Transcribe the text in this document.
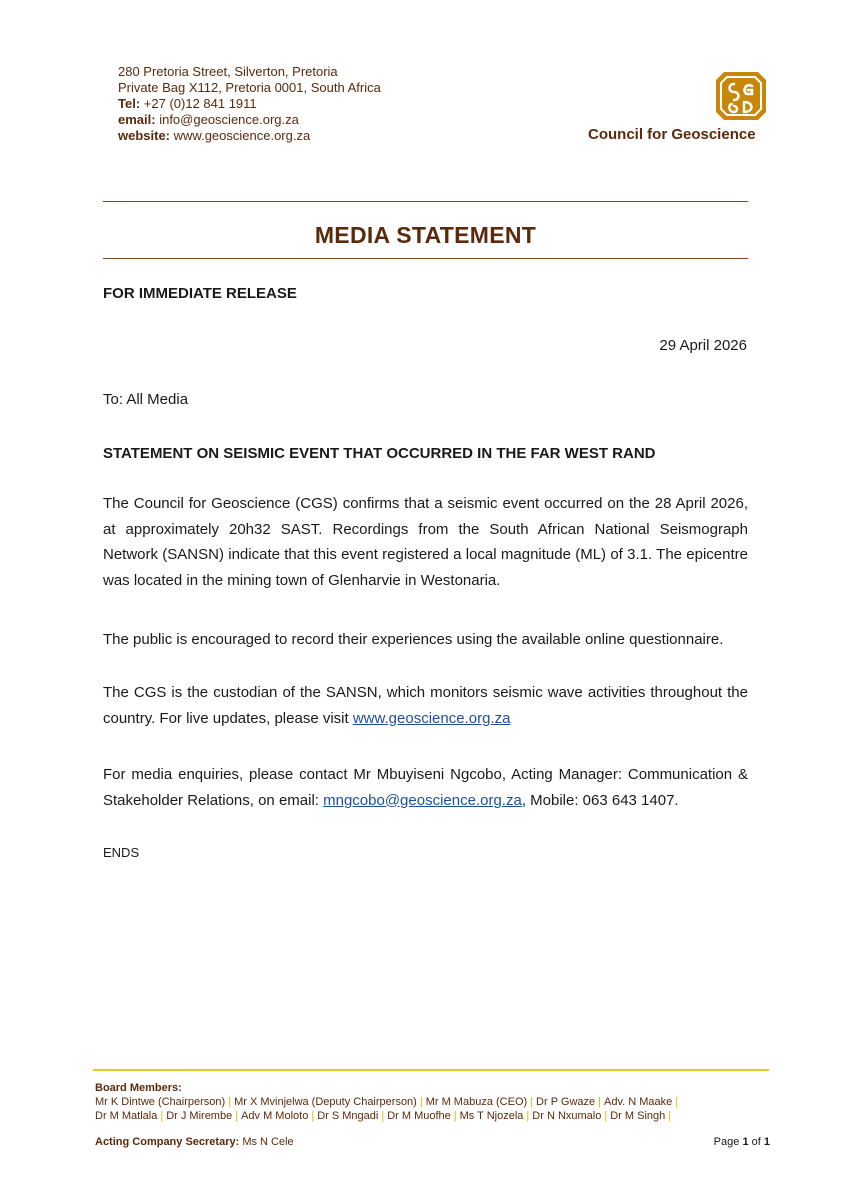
280 Pretoria Street, Silverton, Pretoria
Private Bag X112, Pretoria 0001, South Africa
Tel: +27 (0)12 841 1911
email: info@geoscience.org.za
website: www.geoscience.org.za	Council for Geoscience
MEDIA STATEMENT
FOR IMMEDIATE RELEASE
29 April 2026
To: All Media
STATEMENT ON SEISMIC EVENT THAT OCCURRED IN THE FAR WEST RAND
The Council for Geoscience (CGS) confirms that a seismic event occurred on the 28 April 2026, at approximately 20h32 SAST. Recordings from the South African National Seismograph Network (SANSN) indicate that this event registered a local magnitude (ML) of 3.1. The epicentre was located in the mining town of Glenharvie in Westonaria.
The public is encouraged to record their experiences using the available online questionnaire.
The CGS is the custodian of the SANSN, which monitors seismic wave activities throughout the country. For live updates, please visit www.geoscience.org.za
For media enquiries, please contact Mr Mbuyiseni Ngcobo, Acting Manager: Communication & Stakeholder Relations, on email: mngcobo@geoscience.org.za, Mobile: 063 643 1407.
ENDS
Board Members:
Mr K Dintwe (Chairperson) | Mr X Mvinjelwa (Deputy Chairperson) | Mr M Mabuza (CEO) | Dr P Gwaze | Adv. N Maake |
Dr M Matlala | Dr J Mirembe | Adv M Moloto | Dr S Mngadi | Dr M Muofhe | Ms T Njozela | Dr N Nxumalo | Dr M Singh |
Acting Company Secretary: Ms N Cele	Page 1 of 1
